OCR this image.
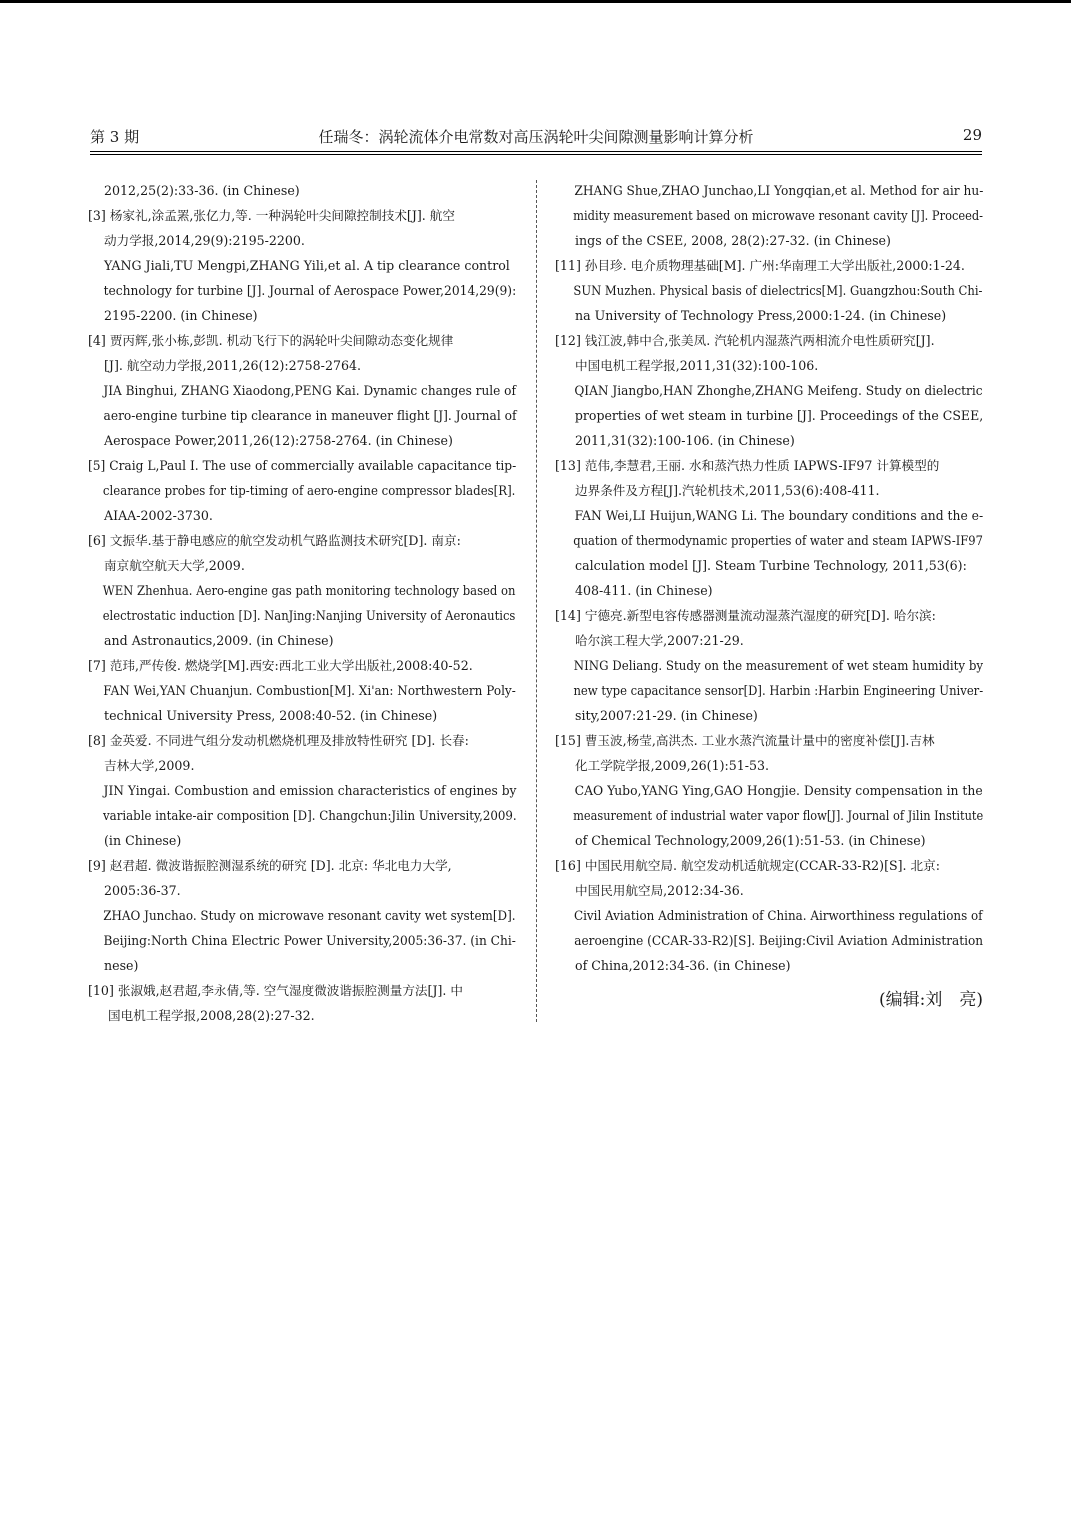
第 3 期	任瑞冬：涡轮流体介电常数对高压涡轮叶尖间隙测量影响计算分析	29
2012,25(2):33-36. (in Chinese)
[3] 杨家礼,涂孟罴,张亿力,等. 一种涡轮叶尖间隙控制技术[J]. 航空
动力学报,2014,29(9):2195-2200.
YANG Jiali,TU Mengpi,ZHANG Yili,et al. A tip clearance control
technology for turbine [J]. Journal of Aerospace Power,2014,29(9):
2195-2200. (in Chinese)
[4] 贾丙辉,张小栋,彭凯. 机动飞行下的涡轮叶尖间隙动态变化规律
[J]. 航空动力学报,2011,26(12):2758-2764.
JIA Binghui, ZHANG Xiaodong,PENG Kai. Dynamic changes rule of
aero-engine turbine tip clearance in maneuver flight [J]. Journal of
Aerospace Power,2011,26(12):2758-2764. (in Chinese)
[5] Craig L,Paul I. The use of commercially available capacitance tip-
clearance probes for tip-timing of aero-engine compressor blades[R].
AIAA-2002-3730.
[6] 文振华.基于静电感应的航空发动机气路监测技术研究[D]. 南京:
南京航空航天大学,2009.
WEN Zhenhua. Aero-engine gas path monitoring technology based on
electrostatic induction [D]. NanJing:Nanjing University of Aeronautics
and Astronautics,2009. (in Chinese)
[7] 范玮,严传俊. 燃烧学[M].西安:西北工业大学出版社,2008:40-52.
FAN Wei,YAN Chuanjun. Combustion[M]. Xi'an: Northwestern Poly-
technical University Press, 2008:40-52. (in Chinese)
[8] 金英爱. 不同进气组分发动机燃烧机理及排放特性研究 [D]. 长春:
吉林大学,2009.
JIN Yingai. Combustion and emission characteristics of engines by
variable intake-air composition [D]. Changchun:Jilin University,2009.
(in Chinese)
[9] 赵君超. 微波谐振腔测湿系统的研究 [D]. 北京: 华北电力大学,
2005:36-37.
ZHAO Junchao. Study on microwave resonant cavity wet system[D].
Beijing:North China Electric Power University,2005:36-37. (in Chi-
nese)
[10] 张淑娥,赵君超,李永倩,等. 空气湿度微波谐振腔测量方法[J]. 中
国电机工程学报,2008,28(2):27-32.
ZHANG Shue,ZHAO Junchao,LI Yongqian,et al. Method for air hu-
midity measurement based on microwave resonant cavity [J]. Proceed-
ings of the CSEE, 2008, 28(2):27-32. (in Chinese)
[11] 孙目珍. 电介质物理基础[M]. 广州:华南理工大学出版社,2000:1-24.
SUN Muzhen. Physical basis of dielectrics[M]. Guangzhou:South Chi-
na University of Technology Press,2000:1-24. (in Chinese)
[12] 钱江波,韩中合,张美凤. 汽轮机内湿蒸汽两相流介电性质研究[J].
中国电机工程学报,2011,31(32):100-106.
QIAN Jiangbo,HAN Zhonghe,ZHANG Meifeng. Study on dielectric
properties of wet steam in turbine [J]. Proceedings of the CSEE,
2011,31(32):100-106. (in Chinese)
[13] 范伟,李慧君,王丽. 水和蒸汽热力性质 IAPWS-IF97 计算模型的
边界条件及方程[J].汽轮机技术,2011,53(6):408-411.
FAN Wei,LI Huijun,WANG Li. The boundary conditions and the e-
quation of thermodynamic properties of water and steam IAPWS-IF97
calculation model [J]. Steam Turbine Technology, 2011,53(6):
408-411. (in Chinese)
[14] 宁德亮.新型电容传感器测量流动湿蒸汽湿度的研究[D]. 哈尔滨:
哈尔滨工程大学,2007:21-29.
NING Deliang. Study on the measurement of wet steam humidity by
new type capacitance sensor[D]. Harbin :Harbin Engineering Univer-
sity,2007:21-29. (in Chinese)
[15] 曹玉波,杨莹,高洪杰. 工业水蒸汽流量计量中的密度补偿[J].吉林
化工学院学报,2009,26(1):51-53.
CAO Yubo,YANG Ying,GAO Hongjie. Density compensation in the
measurement of industrial water vapor flow[J]. Journal of Jilin Institute
of Chemical Technology,2009,26(1):51-53. (in Chinese)
[16] 中国民用航空局. 航空发动机适航规定(CCAR-33-R2)[S]. 北京:
中国民用航空局,2012:34-36.
Civil Aviation Administration of China. Airworthiness regulations of
aeroengine (CCAR-33-R2)[S]. Beijing:Civil Aviation Administration
of China,2012:34-36. (in Chinese)
(编辑:刘　亮)
